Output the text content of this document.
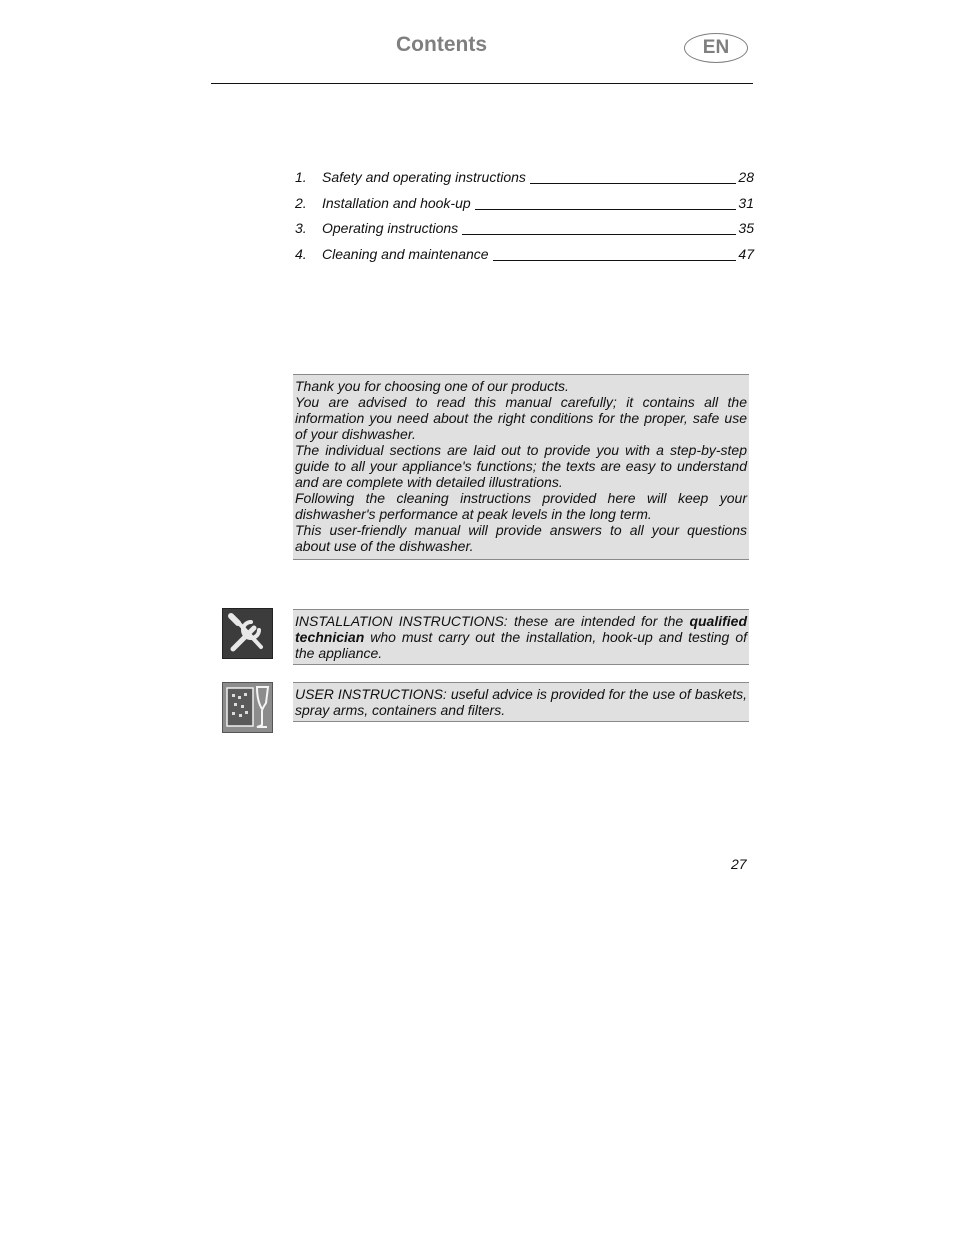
Contents	EN
1.	Safety and operating instructions	28
2.	Installation and hook-up	31
3.	Operating instructions	35
4.	Cleaning and maintenance	47

Thank you for choosing one of our products.

You are advised to read this manual carefully; it contains all the information you need about the right conditions for the proper, safe use of your dishwasher.

The individual sections are laid out to provide you with a step-by-step guide to all your appliance's functions; the texts are easy to understand and are complete with detailed illustrations.

Following the cleaning instructions provided here will keep your dishwasher's performance at peak levels in the long term.

This user-friendly manual will provide answers to all your questions about use of the dishwasher.

INSTALLATION INSTRUCTIONS: these are intended for the qualified technician who must carry out the installation, hook-up and testing of the appliance.
USER INSTRUCTIONS: useful advice is provided for the use of baskets, spray arms, containers and filters.
27
